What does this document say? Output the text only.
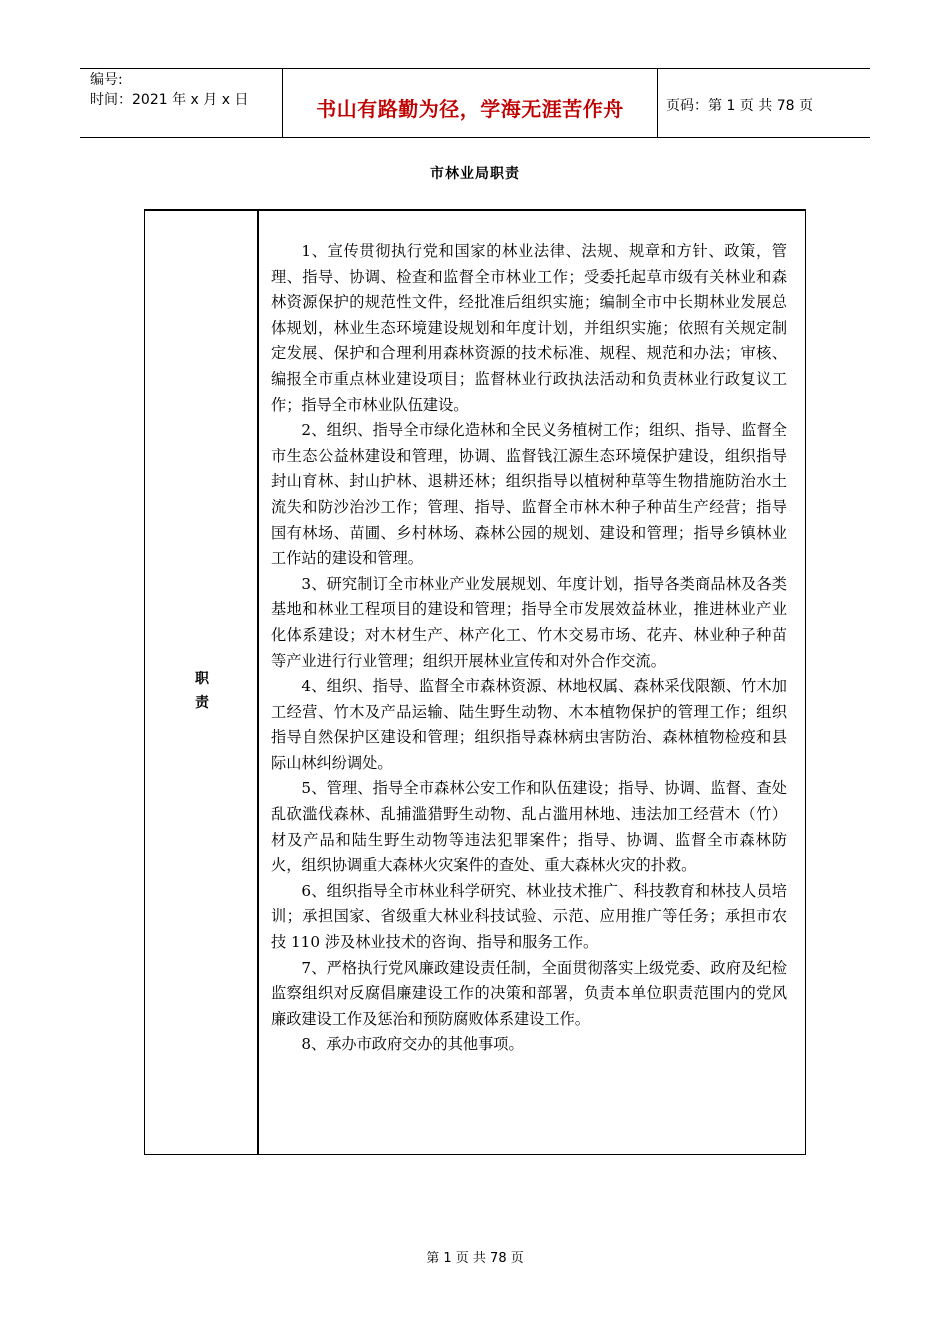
编号:
时间：2021 年 x 月 x 日	书山有路勤为径，学海无涯苦作舟	页码：第 1 页 共 78 页
市林业局职责
职
责

1、宣传贯彻执行党和国家的林业法律、法规、规章和方针、政策，管理、指导、协调、检查和监督全市林业工作；受委托起草市级有关林业和森林资源保护的规范性文件，经批准后组织实施；编制全市中长期林业发展总体规划，林业生态环境建设规划和年度计划，并组织实施；依照有关规定制定发展、保护和合理利用森林资源的技术标准、规程、规范和办法；审核、编报全市重点林业建设项目；监督林业行政执法活动和负责林业行政复议工作；指导全市林业队伍建设。

2、组织、指导全市绿化造林和全民义务植树工作；组织、指导、监督全市生态公益林建设和管理，协调、监督钱江源生态环境保护建设，组织指导封山育林、封山护林、退耕还林；组织指导以植树种草等生物措施防治水土流失和防沙治沙工作；管理、指导、监督全市林木种子种苗生产经营；指导国有林场、苗圃、乡村林场、森林公园的规划、建设和管理；指导乡镇林业工作站的建设和管理。

3、研究制订全市林业产业发展规划、年度计划，指导各类商品林及各类基地和林业工程项目的建设和管理；指导全市发展效益林业，推进林业产业化体系建设；对木材生产、林产化工、竹木交易市场、花卉、林业种子种苗等产业进行行业管理；组织开展林业宣传和对外合作交流。

4、组织、指导、监督全市森林资源、林地权属、森林采伐限额、竹木加工经营、竹木及产品运输、陆生野生动物、木本植物保护的管理工作；组织指导自然保护区建设和管理；组织指导森林病虫害防治、森林植物检疫和县际山林纠纷调处。

5、管理、指导全市森林公安工作和队伍建设；指导、协调、监督、查处乱砍滥伐森林、乱捕滥猎野生动物、乱占滥用林地、违法加工经营木（竹）材及产品和陆生野生动物等违法犯罪案件；指导、协调、监督全市森林防火，组织协调重大森林火灾案件的查处、重大森林火灾的扑救。

6、组织指导全市林业科学研究、林业技术推广、科技教育和林技人员培训；承担国家、省级重大林业科技试验、示范、应用推广等任务；承担市农技 110 涉及林业技术的咨询、指导和服务工作。

7、严格执行党风廉政建设责任制，全面贯彻落实上级党委、政府及纪检监察组织对反腐倡廉建设工作的决策和部署，负责本单位职责范围内的党风廉政建设工作及惩治和预防腐败体系建设工作。

8、承办市政府交办的其他事项。

第 1 页 共 78 页
